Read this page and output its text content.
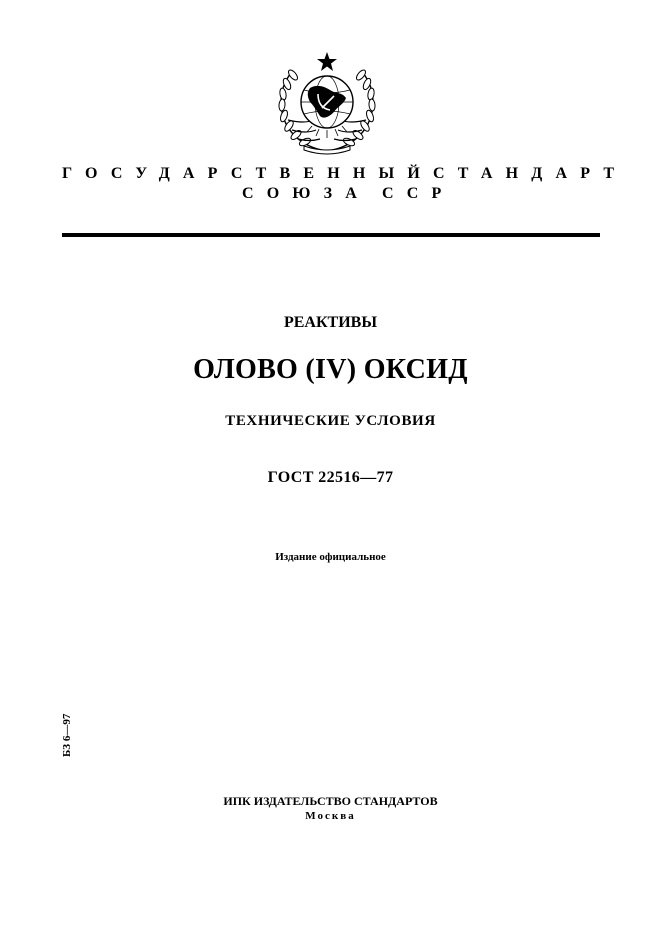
ГОСУДАРСТВЕННЫЙ СТАНДАРТ
СОЮЗА ССР
РЕАКТИВЫ
ОЛОВО (IV) ОКСИД
ТЕХНИЧЕСКИЕ УСЛОВИЯ
ГОСТ 22516—77
Издание официальное
БЗ 6—97
ИПК ИЗДАТЕЛЬСТВО СТАНДАРТОВ
Москва
